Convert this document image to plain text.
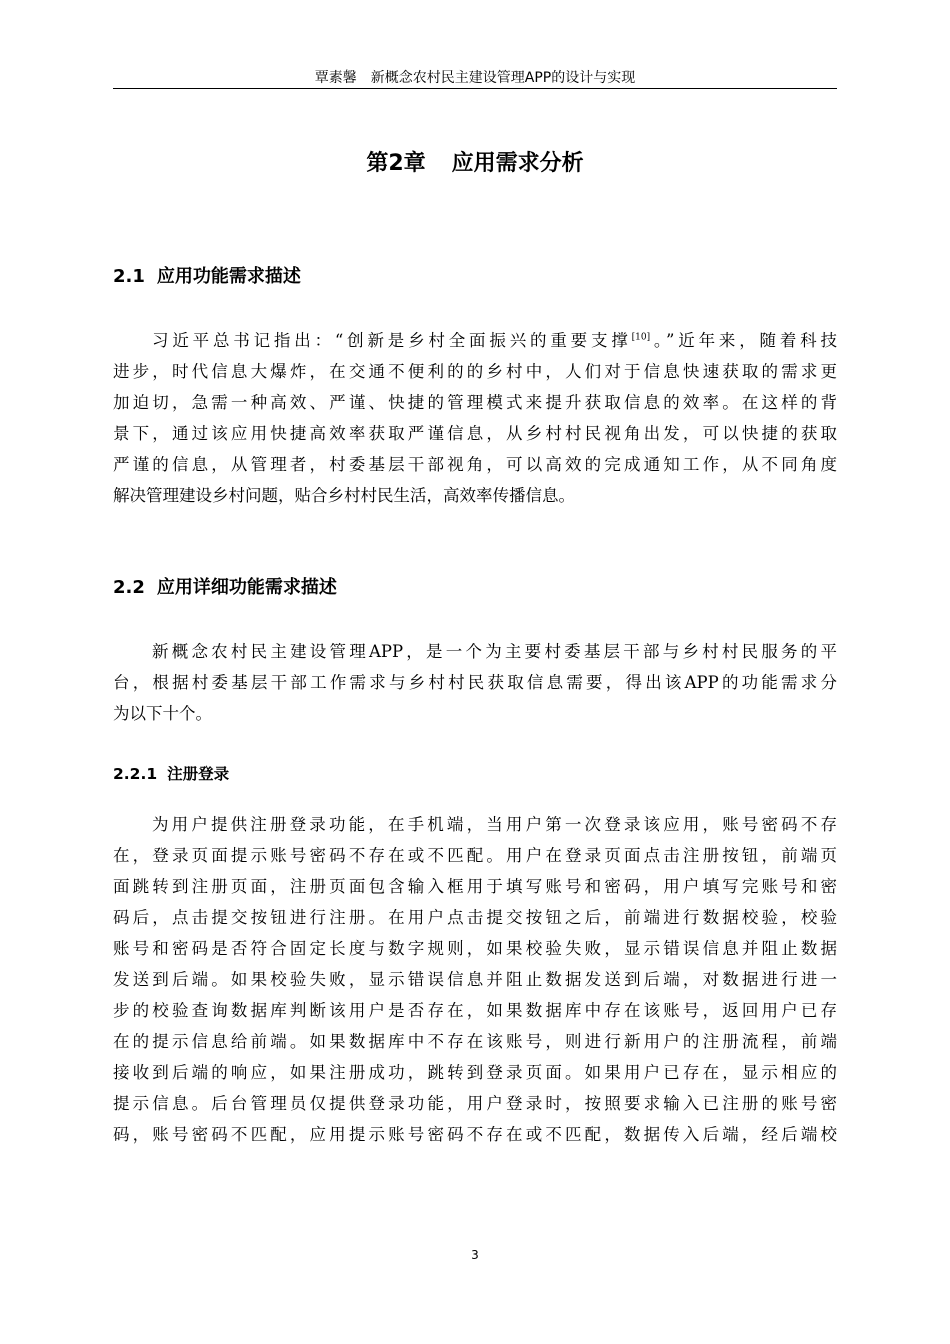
覃素馨 新概念农村民主建设管理APP的设计与实现
第2章 应用需求分析
2.1 应用功能需求描述
习近平总书记指出：“创新是乡村全面振兴的重要支撑[10]。”近年来，随着科技
进步，时代信息大爆炸，在交通不便利的的乡村中，人们对于信息快速获取的需求更
加迫切，急需一种高效、严谨、快捷的管理模式来提升获取信息的效率。在这样的背
景下，通过该应用快捷高效率获取严谨信息，从乡村村民视角出发，可以快捷的获取
严谨的信息，从管理者，村委基层干部视角，可以高效的完成通知工作，从不同角度
解决管理建设乡村问题，贴合乡村村民生活，高效率传播信息。
2.2 应用详细功能需求描述
新概念农村民主建设管理APP，是一个为主要村委基层干部与乡村村民服务的平
台，根据村委基层干部工作需求与乡村村民获取信息需要，得出该APP的功能需求分
为以下十个。
2.2.1 注册登录
为用户提供注册登录功能，在手机端，当用户第一次登录该应用，账号密码不存
在，登录页面提示账号密码不存在或不匹配。用户在登录页面点击注册按钮，前端页
面跳转到注册页面，注册页面包含输入框用于填写账号和密码，用户填写完账号和密
码后，点击提交按钮进行注册。在用户点击提交按钮之后，前端进行数据校验，校验
账号和密码是否符合固定长度与数字规则，如果校验失败，显示错误信息并阻止数据
发送到后端。如果校验失败，显示错误信息并阻止数据发送到后端，对数据进行进一
步的校验查询数据库判断该用户是否存在，如果数据库中存在该账号，返回用户已存
在的提示信息给前端。如果数据库中不存在该账号，则进行新用户的注册流程，前端
接收到后端的响应，如果注册成功，跳转到登录页面。如果用户已存在，显示相应的
提示信息。后台管理员仅提供登录功能，用户登录时，按照要求输入已注册的账号密
码，账号密码不匹配，应用提示账号密码不存在或不匹配，数据传入后端，经后端校
3
